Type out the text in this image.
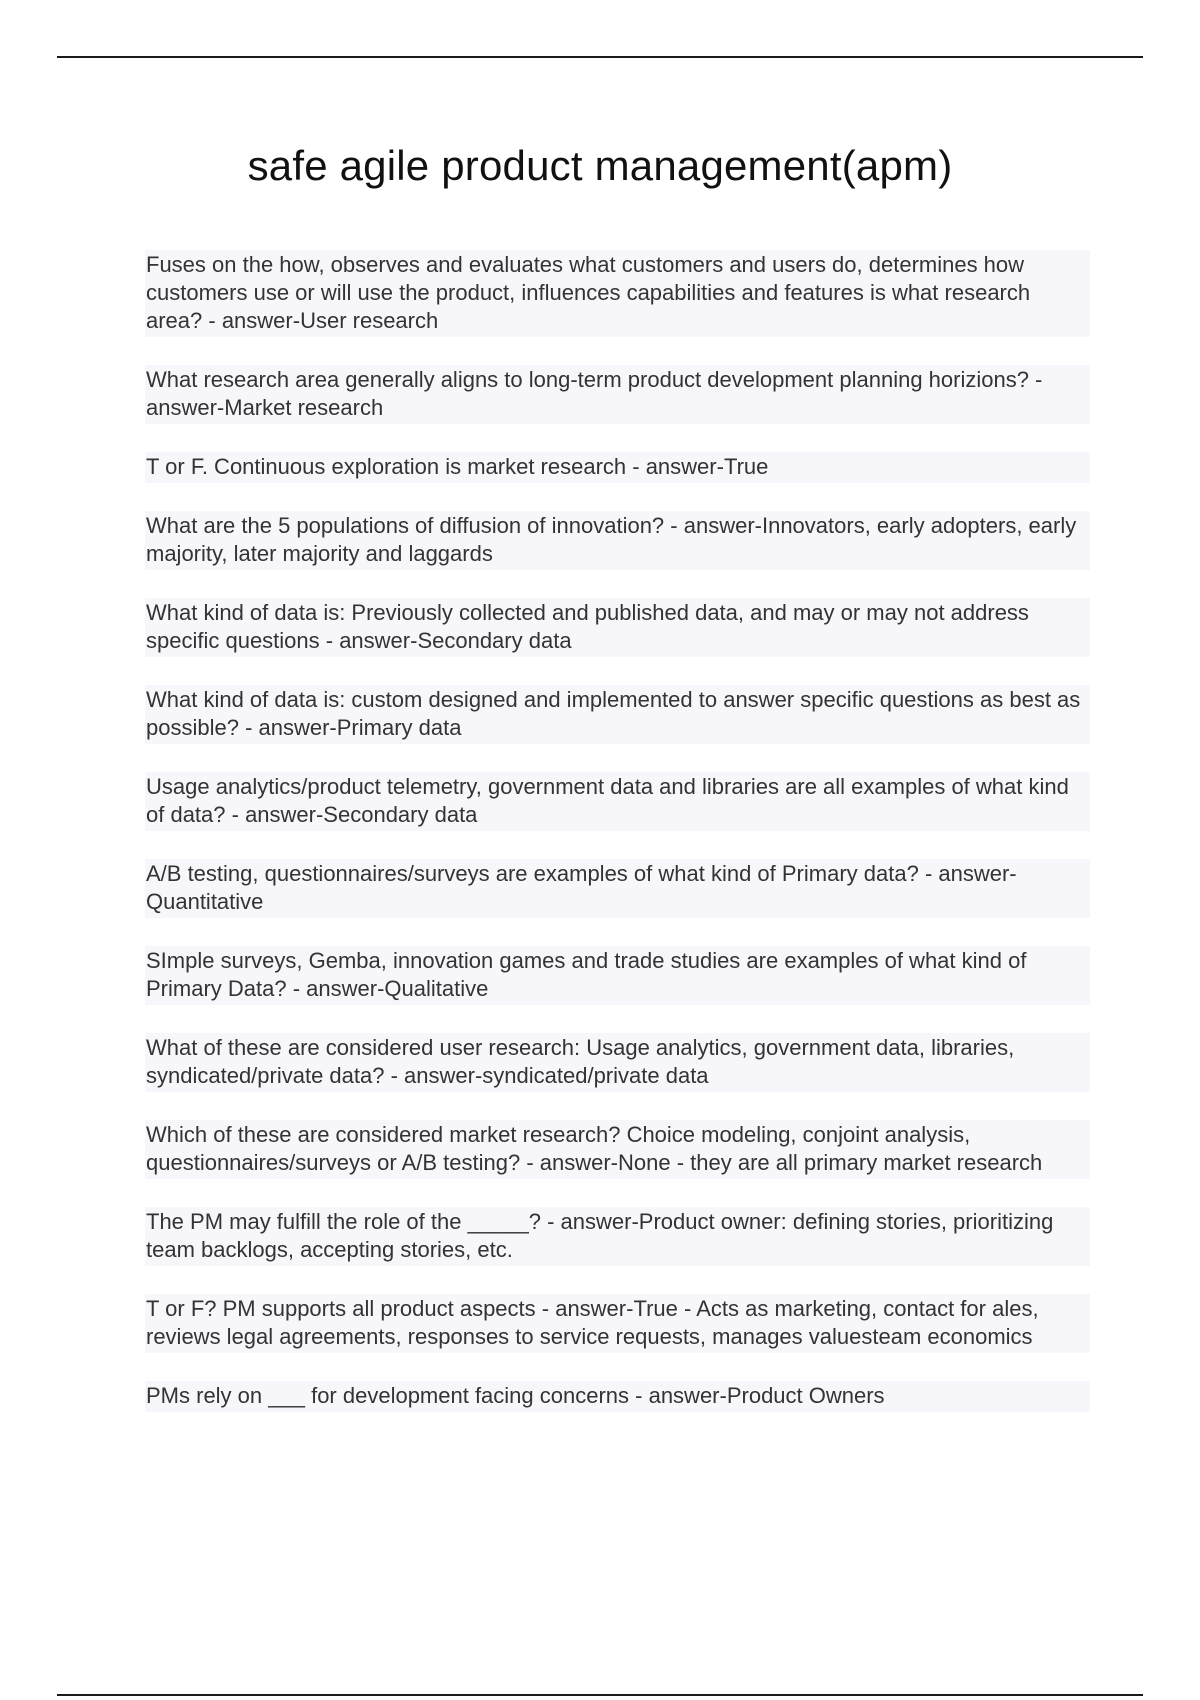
safe agile product management(apm)
Fuses on the how, observes and evaluates what customers and users do, determines how customers use or will use the product, influences capabilities and features is what research area? - answer-User research
What research area generally aligns to long-term product development planning horizions? - answer-Market research
T or F. Continuous exploration is market research - answer-True
What are the 5 populations of diffusion of innovation? - answer-Innovators, early adopters, early majority, later majority and laggards
What kind of data is: Previously collected and published data, and may or may not address specific questions - answer-Secondary data
What kind of data is: custom designed and implemented to answer specific questions as best as possible? - answer-Primary data
Usage analytics/product telemetry, government data and libraries are all examples of what kind of data? - answer-Secondary data
A/B testing, questionnaires/surveys are examples of what kind of Primary data? - answer-Quantitative
SImple surveys, Gemba, innovation games and trade studies are examples of what kind of Primary Data? - answer-Qualitative
What of these are considered user research: Usage analytics, government data, libraries, syndicated/private data? - answer-syndicated/private data
Which of these are considered market research? Choice modeling, conjoint analysis, questionnaires/surveys or A/B testing? - answer-None - they are all primary market research
The PM may fulfill the role of the _____? - answer-Product owner: defining stories, prioritizing team backlogs, accepting stories, etc.
T or F? PM supports all product aspects - answer-True - Acts as marketing, contact for ales, reviews legal agreements, responses to service requests, manages valuesteam economics
PMs rely on ___ for development facing concerns - answer-Product Owners
